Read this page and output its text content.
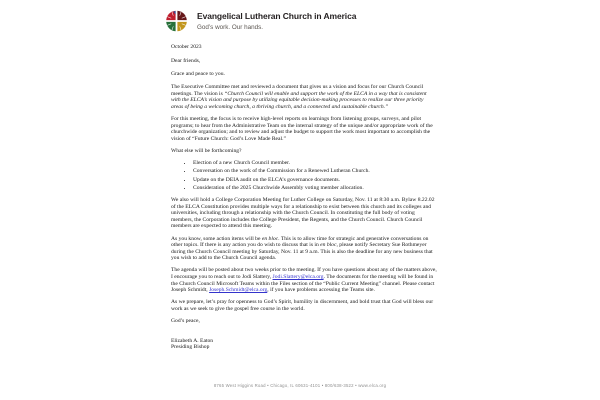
Evangelical Lutheran Church in America

God’s work. Our hands.

October 2023

Dear friends,

Grace and peace to you.

The Executive Committee met and reviewed a document that gives us a vision and focus for our Church Council meetings. The vision is “Church Council will enable and support the work of the ELCA in a way that is consistent with the ELCA’s vision and purpose by utilizing equitable decision-making processes to realize our three priority areas of being a welcoming church, a thriving church, and a connected and sustainable church.”

For this meeting, the focus is to receive high-level reports on learnings from listening groups, surveys, and pilot programs; to hear from the Administrative Team on the internal strategy of the unique and/or appropriate work of the churchwide organization; and to review and adjust the budget to support the work most important to accomplish the vision of “Future Church: God’s Love Made Real.”

What else will be forthcoming?

• Election of a new Church Council member.
• Conversation on the work of the Commission for a Renewed Lutheran Church.
• Update on the DEIA audit on the ELCA’s governance documents.
• Consideration of the 2025 Churchwide Assembly voting member allocation.

We also will hold a College Corporation Meeting for Luther College on Saturday, Nov. 11 at 8:30 a.m. Bylaw 8.22.02 of the ELCA Constitution provides multiple ways for a relationship to exist between this church and its colleges and universities, including through a relationship with the Church Council. In constituting the full body of voting members, the Corporation includes the College President, the Regents, and the Church Council. Church Council members are expected to attend this meeting.

As you know, some action items will be en bloc. This is to allow time for strategic and generative conversations on other topics. If there is any action you do wish to discuss that is in en bloc, please notify Secretary Sue Rothmeyer during the Church Council meeting by Saturday, Nov. 11 at 9 a.m. This is also the deadline for any new business that you wish to add to the Church Council agenda.

The agenda will be posted about two weeks prior to the meeting. If you have questions about any of the matters above, I encourage you to reach out to Jodi Slattery, Jodi.Slattery@elca.org. The documents for the meeting will be found in the Church Council Microsoft Teams within the Files section of the “Public Current Meeting” channel. Please contact Joseph Schmidt, Joseph.Schmidt@elca.org, if you have problems accessing the Teams site.

As we prepare, let’s pray for openness to God’s Spirit, humility in discernment, and bold trust that God will bless our work as we seek to give the gospel free course in the world.

God’s peace,

Elizabeth A. Eaton

Presiding Bishop

8765 West Higgins Road • Chicago, IL 60631-4101 • 800/638-3522 • www.elca.org
